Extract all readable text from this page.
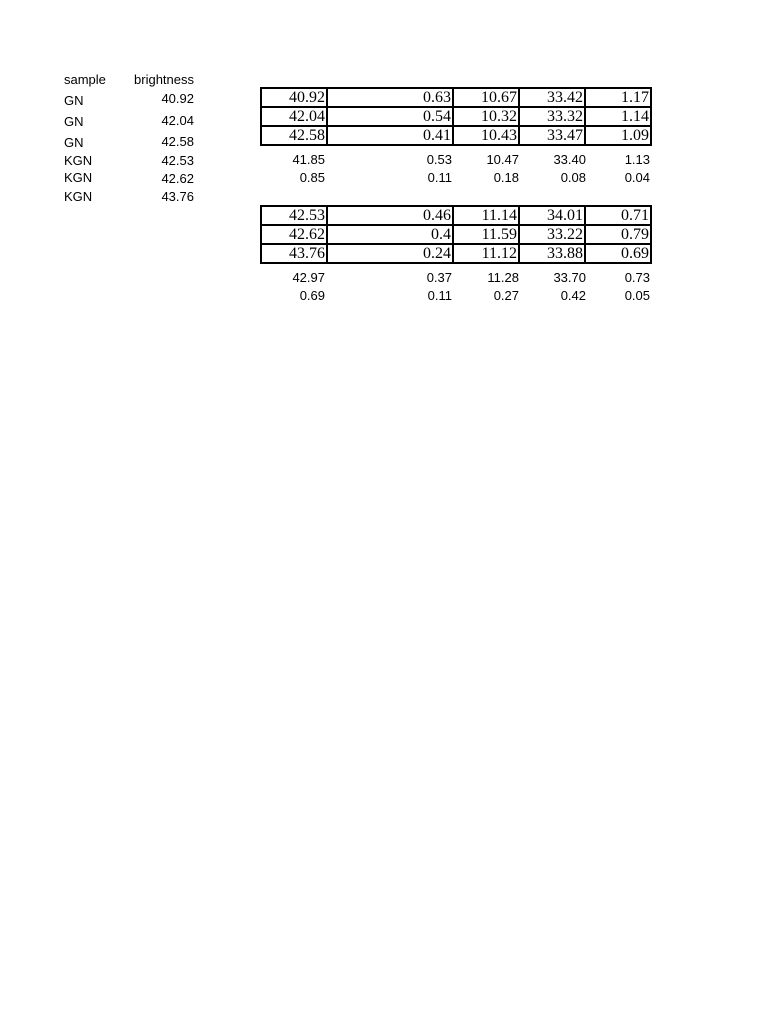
sample	brightness
GN	40.92
GN	42.04
GN	42.58
KGN	42.53
KGN	42.62
KGN	43.76
40.92	0.63	10.67	33.42	1.17
42.04	0.54	10.32	33.32	1.14
42.58	0.41	10.43	33.47	1.09
41.85	0.53	10.47	33.40	1.13
0.85	0.11	0.18	0.08	0.04
42.53	0.46	11.14	34.01	0.71
42.62	0.4	11.59	33.22	0.79
43.76	0.24	11.12	33.88	0.69
42.97	0.37	11.28	33.70	0.73
0.69	0.11	0.27	0.42	0.05
